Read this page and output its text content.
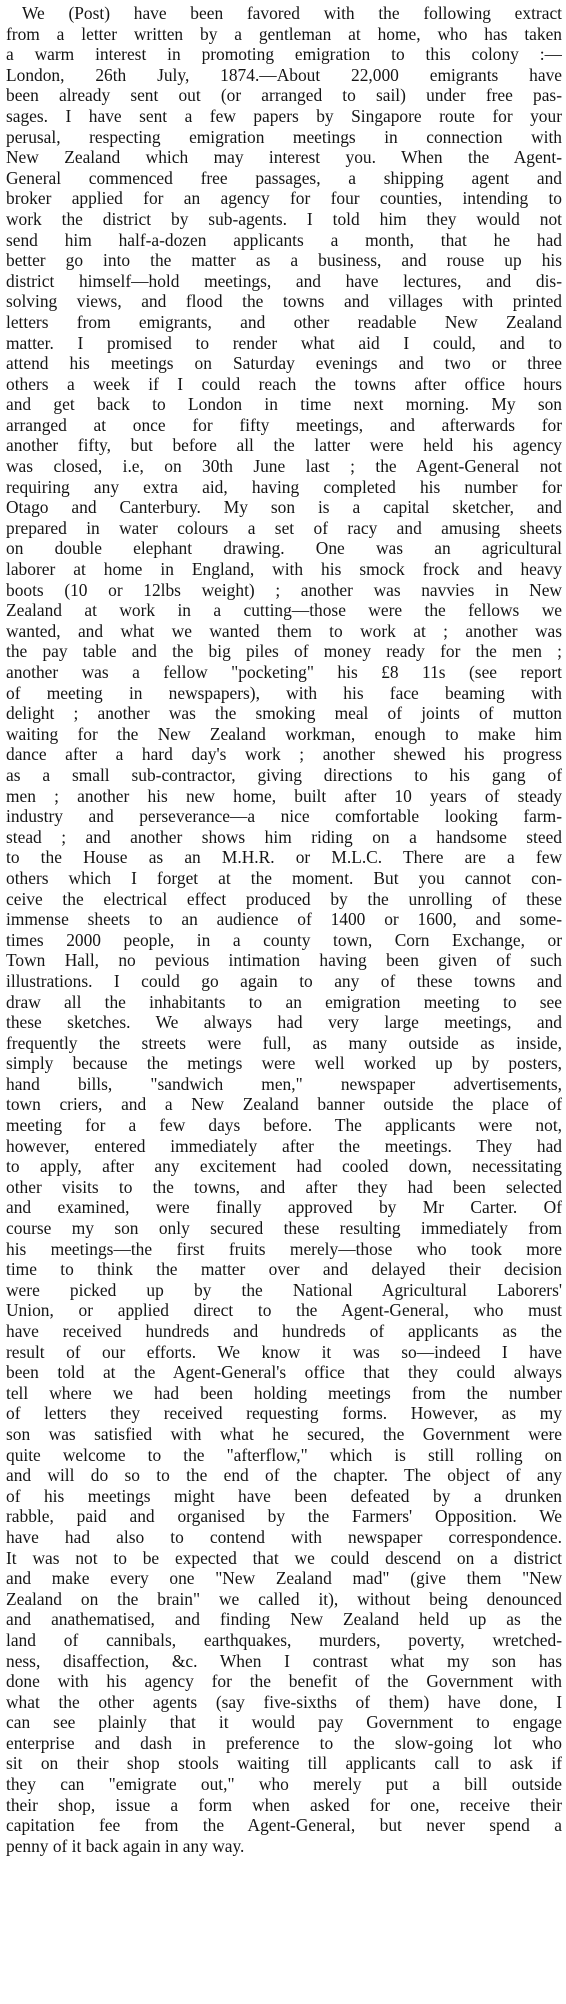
We (Post) have been favored with the following extract
from a letter written by a gentleman at home, who has taken
a warm interest in promoting emigration to this colony :—
London, 26th July, 1874.—About 22,000 emigrants have
been already sent out (or arranged to sail) under free pas-
sages. I have sent a few papers by Singapore route for your
perusal, respecting emigration meetings in connection with
New Zealand which may interest you. When the Agent-
General commenced free passages, a shipping agent and
broker applied for an agency for four counties, intending to
work the district by sub-agents. I told him they would not
send him half-a-dozen applicants a month, that he had
better go into the matter as a business, and rouse up his
district himself—hold meetings, and have lectures, and dis-
solving views, and flood the towns and villages with printed
letters from emigrants, and other readable New Zealand
matter. I promised to render what aid I could, and to
attend his meetings on Saturday evenings and two or three
others a week if I could reach the towns after office hours
and get back to London in time next morning. My son
arranged at once for fifty meetings, and afterwards for
another fifty, but before all the latter were held his agency
was closed, i.e, on 30th June last ; the Agent-General not
requiring any extra aid, having completed his number for
Otago and Canterbury. My son is a capital sketcher, and
prepared in water colours a set of racy and amusing sheets
on double elephant drawing. One was an agricultural
laborer at home in England, with his smock frock and heavy
boots (10 or 12lbs weight) ; another was navvies in New
Zealand at work in a cutting—those were the fellows we
wanted, and what we wanted them to work at ; another was
the pay table and the big piles of money ready for the men ;
another was a fellow "pocketing" his £8 11s (see report
of meeting in newspapers), with his face beaming with
delight ; another was the smoking meal of joints of mutton
waiting for the New Zealand workman, enough to make him
dance after a hard day's work ; another shewed his progress
as a small sub-contractor, giving directions to his gang of
men ; another his new home, built after 10 years of steady
industry and perseverance—a nice comfortable looking farm-
stead ; and another shows him riding on a handsome steed
to the House as an M.H.R. or M.L.C. There are a few
others which I forget at the moment. But you cannot con-
ceive the electrical effect produced by the unrolling of these
immense sheets to an audience of 1400 or 1600, and some-
times 2000 people, in a county town, Corn Exchange, or
Town Hall, no pevious intimation having been given of such
illustrations. I could go again to any of these towns and
draw all the inhabitants to an emigration meeting to see
these sketches. We always had very large meetings, and
frequently the streets were full, as many outside as inside,
simply because the metings were well worked up by posters,
hand bills, "sandwich men," newspaper advertisements,
town criers, and a New Zealand banner outside the place of
meeting for a few days before. The applicants were not,
however, entered immediately after the meetings. They had
to apply, after any excitement had cooled down, necessitating
other visits to the towns, and after they had been selected
and examined, were finally approved by Mr Carter. Of
course my son only secured these resulting immediately from
his meetings—the first fruits merely—those who took more
time to think the matter over and delayed their decision
were picked up by the National Agricultural Laborers'
Union, or applied direct to the Agent-General, who must
have received hundreds and hundreds of applicants as the
result of our efforts. We know it was so—indeed I have
been told at the Agent-General's office that they could always
tell where we had been holding meetings from the number
of letters they received requesting forms. However, as my
son was satisfied with what he secured, the Government were
quite welcome to the "afterflow," which is still rolling on
and will do so to the end of the chapter. The object of any
of his meetings might have been defeated by a drunken
rabble, paid and organised by the Farmers' Opposition. We
have had also to contend with newspaper correspondence.
It was not to be expected that we could descend on a district
and make every one "New Zealand mad" (give them "New
Zealand on the brain" we called it), without being denounced
and anathematised, and finding New Zealand held up as the
land of cannibals, earthquakes, murders, poverty, wretched-
ness, disaffection, &c. When I contrast what my son has
done with his agency for the benefit of the Government with
what the other agents (say five-sixths of them) have done, I
can see plainly that it would pay Government to engage
enterprise and dash in preference to the slow-going lot who
sit on their shop stools waiting till applicants call to ask if
they can "emigrate out," who merely put a bill outside
their shop, issue a form when asked for one, receive their
capitation fee from the Agent-General, but never spend a
penny of it back again in any way.
